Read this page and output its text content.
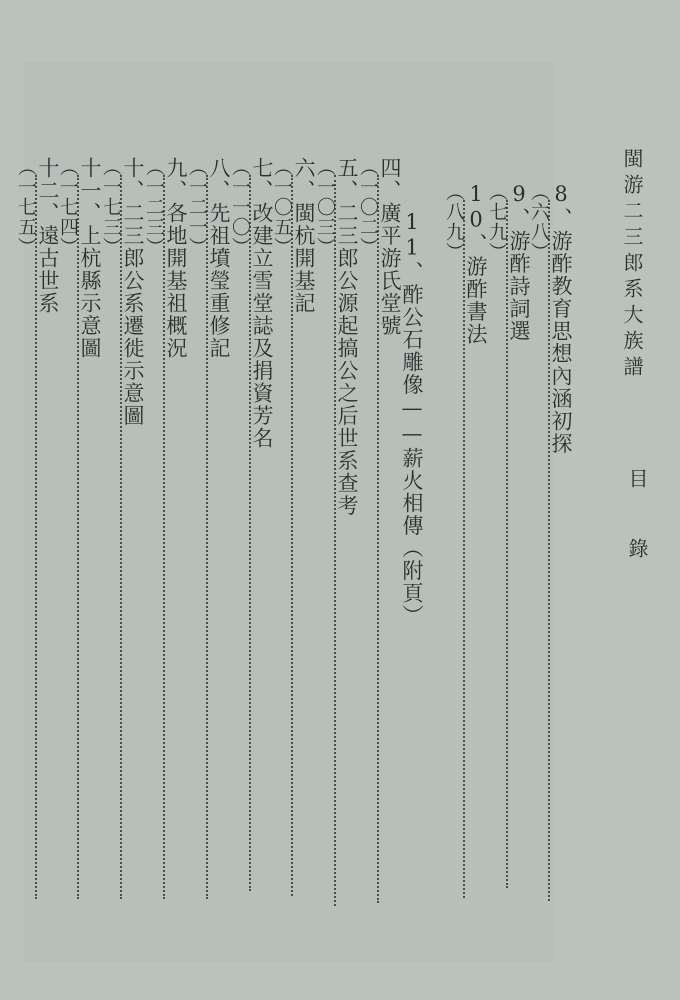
閩游二三郎系大族譜
目
錄
8、游酢教育思想內涵初探
（六八）
9、游酢詩詞選
（七九）
10、游酢書法
（八九）
11、酢公石雕像——薪火相傳（附頁）
四、廣平游氏堂號
（一〇二）
五、二三郎公源起搞公之后世系查考
（一〇三）
六、閩杭開基記
（一〇五）
七、改建立雪堂誌及捐資芳名
（一一〇）
八、先祖墳瑩重修記
（一二一）
九、各地開基祖概況
（一二三）
十、二三郎公系遷徙示意圖
（一七三）
十一、上杭縣示意圖
（一七四）
十二、遠古世系
（一七五）
